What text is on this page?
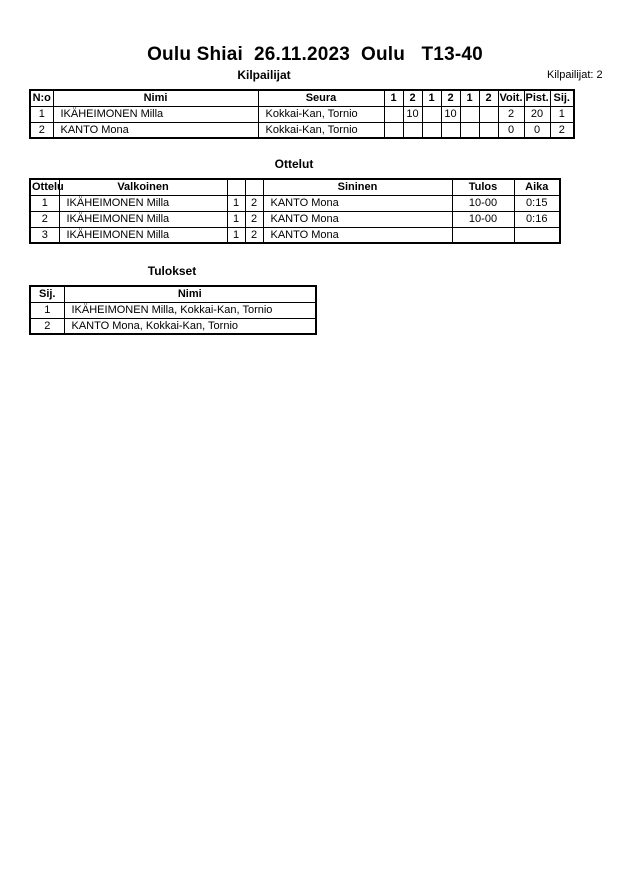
Oulu Shiai  26.11.2023  Oulu   T13-40
Kilpailijat	Kilpailijat: 2
N:o	Nimi	Seura	1	2	1	2	1	2	Voit.	Pist.	Sij.
1	IKÄHEIMONEN Milla	Kokkai-Kan, Tornio		10		10			2	20	1
2	KANTO Mona	Kokkai-Kan, Tornio							0	0	2
Ottelut
Ottelu	Valkoinen			Sininen	Tulos	Aika
1	IKÄHEIMONEN Milla	1	2	KANTO Mona	10-00	0:15
2	IKÄHEIMONEN Milla	1	2	KANTO Mona	10-00	0:16
3	IKÄHEIMONEN Milla	1	2	KANTO Mona		
Tulokset
Sij.	Nimi
1	IKÄHEIMONEN Milla, Kokkai-Kan, Tornio
2	KANTO Mona, Kokkai-Kan, Tornio
